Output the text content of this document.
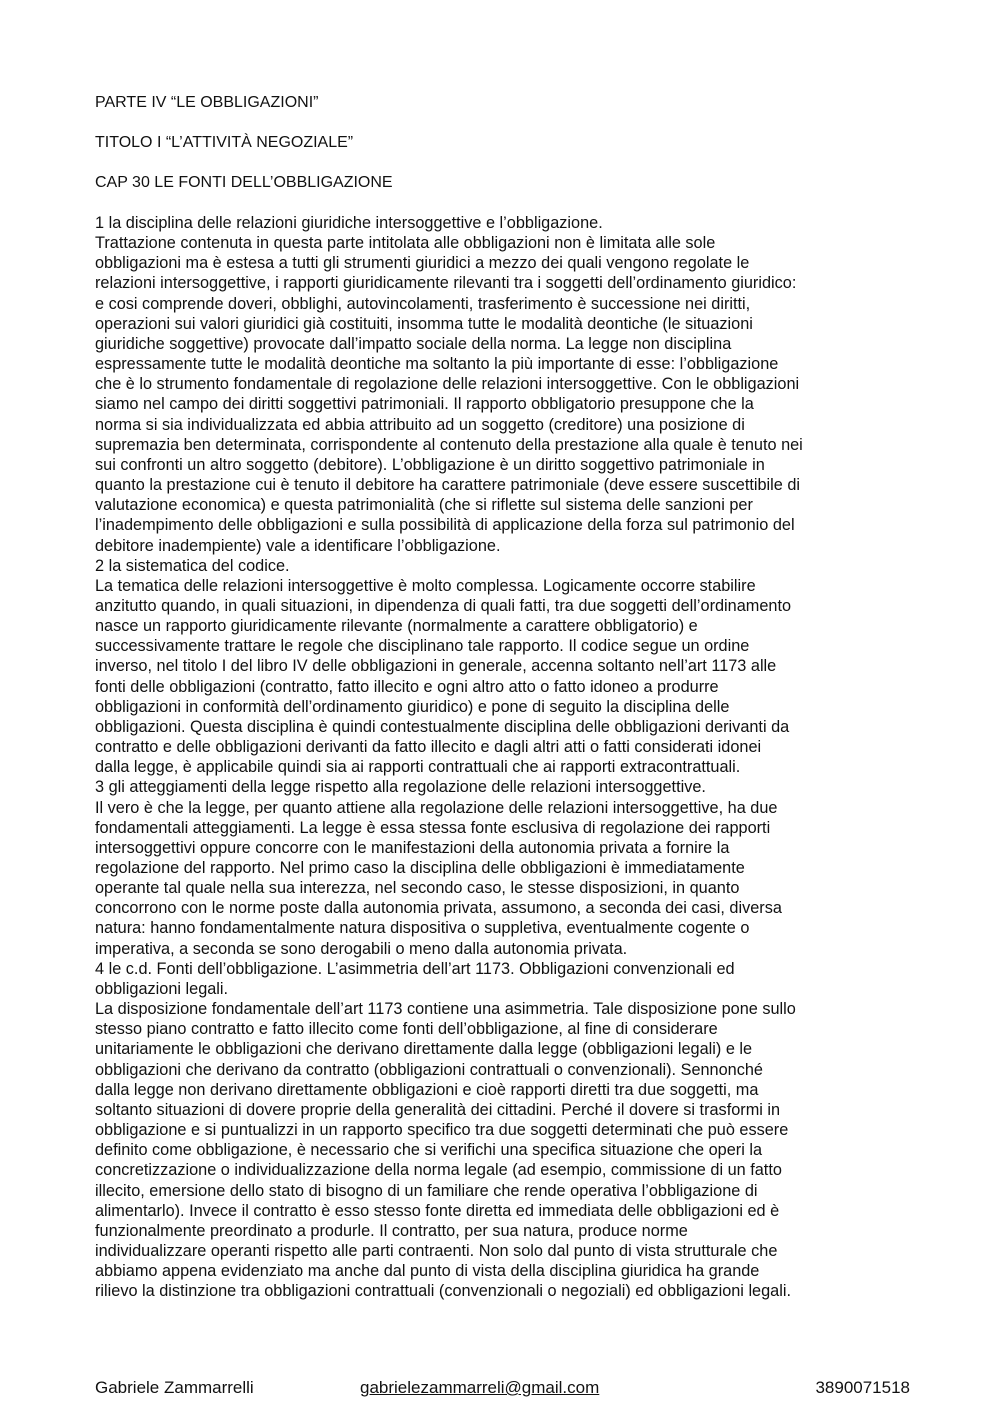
PARTE IV “LE OBBLIGAZIONI”
TITOLO I “L’ATTIVITÀ NEGOZIALE”
CAP 30 LE FONTI DELL’OBBLIGAZIONE
1 la disciplina delle relazioni giuridiche intersoggettive e l’obbligazione.
Trattazione contenuta in questa parte intitolata alle obbligazioni non è limitata alle sole
obbligazioni ma è estesa a tutti gli strumenti giuridici a mezzo dei quali vengono regolate le
relazioni intersoggettive, i rapporti giuridicamente rilevanti tra i soggetti dell’ordinamento giuridico:
e cosi comprende doveri, obblighi, autovincolamenti, trasferimento è successione nei diritti,
operazioni sui valori giuridici già costituiti, insomma tutte le modalità deontiche (le situazioni
giuridiche soggettive) provocate dall’impatto sociale della norma. La legge non disciplina
espressamente tutte le modalità deontiche ma soltanto la più importante di esse: l’obbligazione
che è lo strumento fondamentale di regolazione delle relazioni intersoggettive. Con le obbligazioni
siamo nel campo dei diritti soggettivi patrimoniali. Il rapporto obbligatorio presuppone che la
norma si sia individualizzata ed abbia attribuito ad un soggetto (creditore) una posizione di
supremazia ben determinata, corrispondente al contenuto della prestazione alla quale è tenuto nei
sui confronti un altro soggetto (debitore). L’obbligazione è un diritto soggettivo patrimoniale in
quanto la prestazione cui è tenuto il debitore ha carattere patrimoniale (deve essere suscettibile di
valutazione economica) e questa patrimonialità (che si riflette sul sistema delle sanzioni per
l’inadempimento delle obbligazioni e sulla possibilità di applicazione della forza sul patrimonio del
debitore inadempiente) vale a identificare l’obbligazione.
2 la sistematica del codice.
La tematica delle relazioni intersoggettive è molto complessa. Logicamente occorre stabilire
anzitutto quando, in quali situazioni, in dipendenza di quali fatti, tra due soggetti dell’ordinamento
nasce un rapporto giuridicamente rilevante (normalmente a carattere obbligatorio) e
successivamente trattare le regole che disciplinano tale rapporto. Il codice segue un ordine
inverso, nel titolo I del libro IV delle obbligazioni in generale, accenna soltanto nell’art 1173 alle
fonti delle obbligazioni (contratto, fatto illecito e ogni altro atto o fatto idoneo a produrre
obbligazioni in conformità dell’ordinamento giuridico) e pone di seguito la disciplina delle
obbligazioni. Questa disciplina è quindi contestualmente disciplina delle obbligazioni derivanti da
contratto e delle obbligazioni derivanti da fatto illecito e dagli altri atti o fatti considerati idonei
dalla legge, è applicabile quindi sia ai rapporti contrattuali che ai rapporti extracontrattuali.
3 gli atteggiamenti della legge rispetto alla regolazione delle relazioni intersoggettive.
Il vero è che la legge, per quanto attiene alla regolazione delle relazioni intersoggettive, ha due
fondamentali atteggiamenti. La legge è essa stessa fonte esclusiva di regolazione dei rapporti
intersoggettivi oppure concorre con le manifestazioni della autonomia privata a fornire la
regolazione del rapporto. Nel primo caso la disciplina delle obbligazioni è immediatamente
operante tal quale nella sua interezza, nel secondo caso, le stesse disposizioni, in quanto
concorrono con le norme poste dalla autonomia privata, assumono, a seconda dei casi, diversa
natura: hanno fondamentalmente natura dispositiva o suppletiva, eventualmente cogente o
imperativa, a seconda se sono derogabili o meno dalla autonomia privata.
4 le c.d. Fonti dell’obbligazione. L’asimmetria dell’art 1173. Obbligazioni convenzionali ed
obbligazioni legali.
La disposizione fondamentale dell’art 1173 contiene una asimmetria. Tale disposizione pone sullo
stesso piano contratto e fatto illecito come fonti dell’obbligazione, al fine di considerare
unitariamente le obbligazioni che derivano direttamente dalla legge (obbligazioni legali) e le
obbligazioni che derivano da contratto (obbligazioni contrattuali o convenzionali). Sennonché
dalla legge non derivano direttamente obbligazioni e cioè rapporti diretti tra due soggetti, ma
soltanto situazioni di dovere proprie della generalità dei cittadini. Perché il dovere si trasformi in
obbligazione e si puntualizzi in un rapporto specifico tra due soggetti determinati che può essere
definito come obbligazione, è necessario che si verifichi una specifica situazione che operi la
concretizzazione o individualizzazione della norma legale (ad esempio, commissione di un fatto
illecito, emersione dello stato di bisogno di un familiare che rende operativa l’obbligazione di
alimentarlo). Invece il contratto è esso stesso fonte diretta ed immediata delle obbligazioni ed è
funzionalmente preordinato a produrle. Il contratto, per sua natura, produce norme
individualizzare operanti rispetto alle parti contraenti. Non solo dal punto di vista strutturale che
abbiamo appena evidenziato ma anche dal punto di vista della disciplina giuridica ha grande
rilievo la distinzione tra obbligazioni contrattuali (convenzionali o negoziali) ed obbligazioni legali.
Gabriele Zammarrelli	gabrielezammarreli@gmail.com	3890071518
